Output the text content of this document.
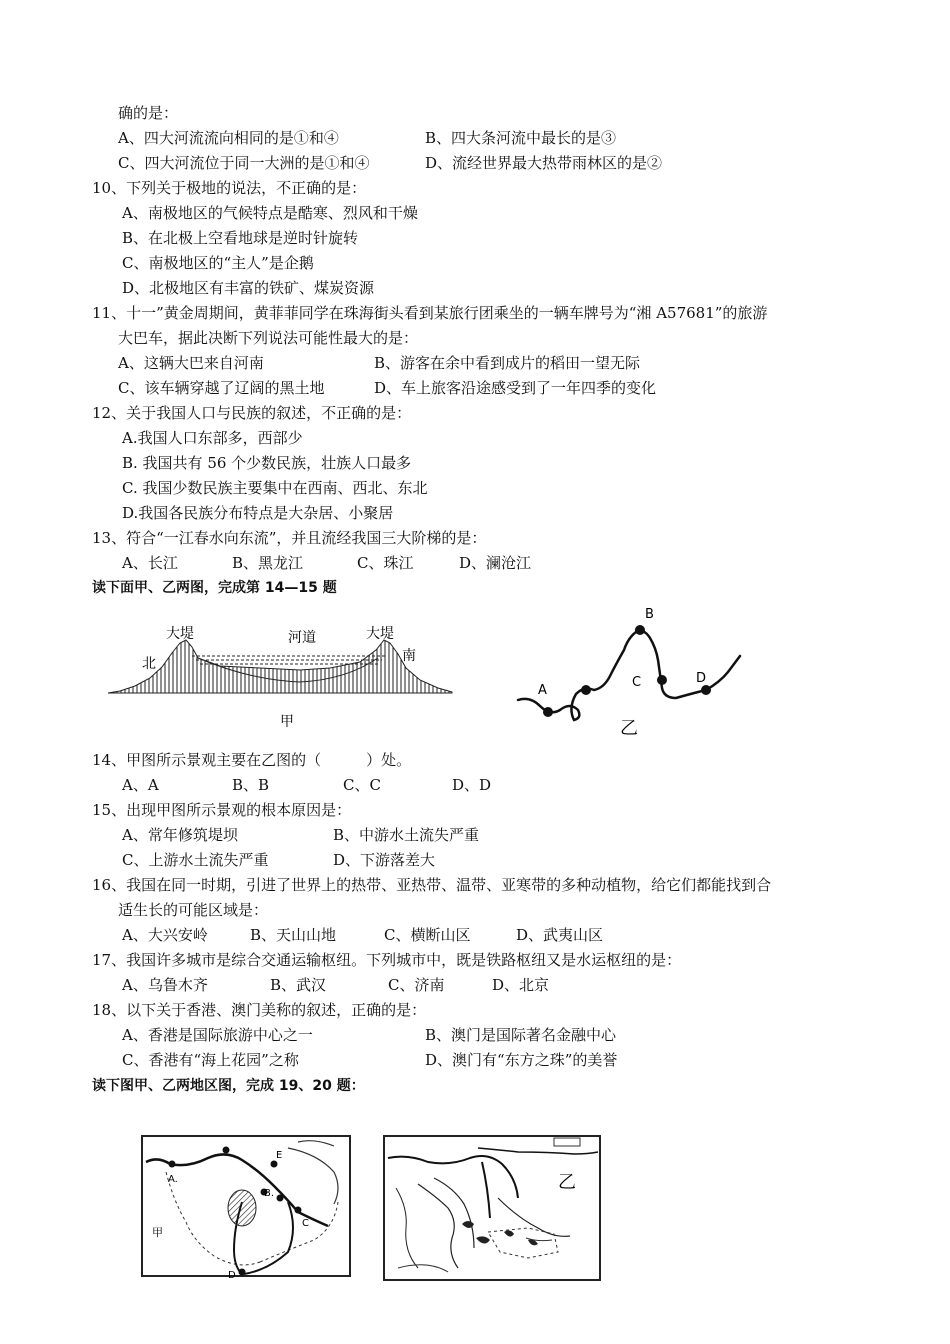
确的是：
A、四大河流流向相同的是①和④	B、四大条河流中最长的是③
C、四大河流位于同一大洲的是①和④	D、流经世界最大热带雨林区的是②
10、下列关于极地的说法，不正确的是：
A、南极地区的气候特点是酷寒、烈风和干燥
B、在北极上空看地球是逆时针旋转
C、南极地区的“主人”是企鹅
D、北极地区有丰富的铁矿、煤炭资源
11、十一”黄金周期间，黄菲菲同学在珠海街头看到某旅行团乘坐的一辆车牌号为“湘 A57681”的旅游
大巴车，据此决断下列说法可能性最大的是：
A、这辆大巴来自河南	B、游客在余中看到成片的稻田一望无际
C、该车辆穿越了辽阔的黑土地	D、车上旅客沿途感受到了一年四季的变化
12、关于我国人口与民族的叙述，不正确的是：
A.我国人口东部多，西部少
B. 我国共有 56 个少数民族，壮族人口最多
C. 我国少数民族主要集中在西南、西北、东北
D.我国各民族分布特点是大杂居、小聚居
13、符合“一江春水向东流”，并且流经我国三大阶梯的是：
A、长江	B、黑龙江	C、珠江	D、澜沧江
读下面甲、乙两图，完成第 14—15 题
大堤	河道	大堤
北	南
甲
A
B
C	D
乙
14、甲图所示景观主要在乙图的（　　　）处。
A、A	B、B	C、C	D、D
15、出现甲图所示景观的根本原因是：
A、常年修筑堤坝	B、中游水土流失严重
C、上游水土流失严重	D、下游落差大
16、我国在同一时期，引进了世界上的热带、亚热带、温带、亚寒带的多种动植物，给它们都能找到合
适生长的可能区域是：
A、大兴安岭	B、天山山地	C、横断山区	D、武夷山区
17、我国许多城市是综合交通运输枢纽。下列城市中，既是铁路枢纽又是水运枢纽的是：
A、乌鲁木齐	B、武汉	C、济南	D、北京
18、以下关于香港、澳门美称的叙述，正确的是：
A、香港是国际旅游中心之一	B、澳门是国际著名金融中心
C、香港有“海上花园”之称	D、澳门有“东方之珠”的美誉
读下图甲、乙两地区图，完成 19、20 题：
A.
B.
C
D
E
甲
乙
